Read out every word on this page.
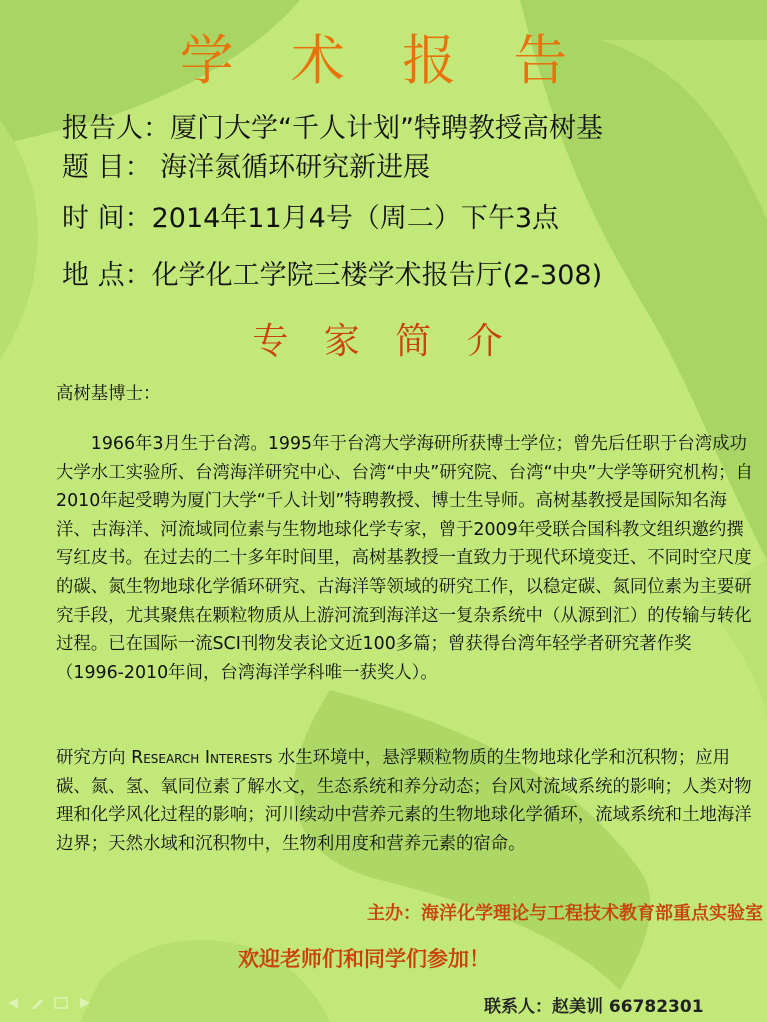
学 术 报 告
报告人：厦门大学“千人计划”特聘教授高树基
题 目： 海洋氮循环研究新进展
时 间：2014年11月4号（周二）下午3点
地 点：化学化工学院三楼学术报告厅(2-308)
专 家 简 介
高树基博士：
1966年3月生于台湾。1995年于台湾大学海研所获博士学位；曾先后任职于台湾成功大学水工实验所、台湾海洋研究中心、台湾“中央”研究院、台湾“中央”大学等研究机构；自2010年起受聘为厦门大学“千人计划”特聘教授、博士生导师。高树基教授是国际知名海洋、古海洋、河流域同位素与生物地球化学专家，曾于2009年受联合国科教文组织邀约撰写红皮书。在过去的二十多年时间里，高树基教授一直致力于现代环境变迁、不同时空尺度的碳、氮生物地球化学循环研究、古海洋等领域的研究工作，以稳定碳、氮同位素为主要研究手段，尤其聚焦在颗粒物质从上游河流到海洋这一复杂系统中（从源到汇）的传输与转化过程。已在国际一流SCI刊物发表论文近100多篇；曾获得台湾年轻学者研究著作奖（1996-2010年间，台湾海洋学科唯一获奖人）。
研究方向 Research Interests 水生环境中，悬浮颗粒物质的生物地球化学和沉积物；应用碳、氮、氢、氧同位素了解水文，生态系统和养分动态；台风对流域系统的影响；人类对物理和化学风化过程的影响；河川续动中营养元素的生物地球化学循环，流域系统和土地海洋边界；天然水域和沉积物中，生物利用度和营养元素的宿命。
主办：海洋化学理论与工程技术教育部重点实验室
欢迎老师们和同学们参加！
联系人：赵美训 66782301
